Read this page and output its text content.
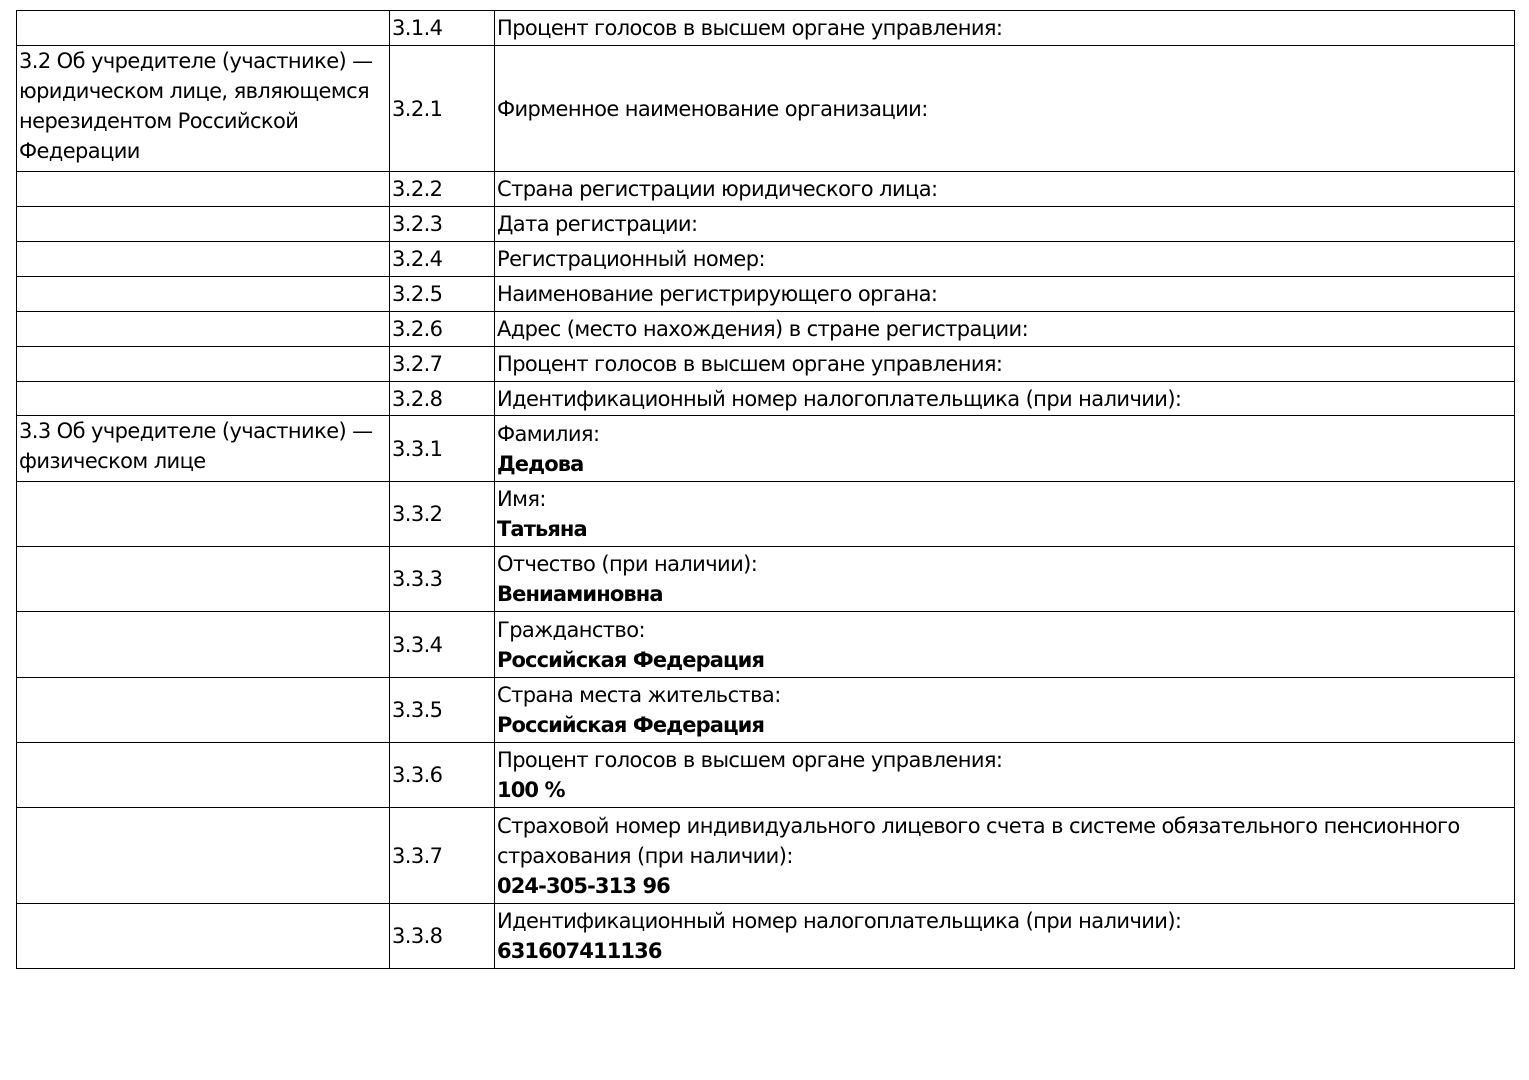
	3.1.4	Процент голосов в высшем органе управления:

3.2 Об учредителе (участнике) — юридическом лице, являющемся нерезидентом Российской Федерации	3.2.1	Фирменное наименование организации:

	3.2.2	Страна регистрации юридического лица:

	3.2.3	Дата регистрации:

	3.2.4	Регистрационный номер:

	3.2.5	Наименование регистрирующего органа:

	3.2.6	Адрес (место нахождения) в стране регистрации:

	3.2.7	Процент голосов в высшем органе управления:

	3.2.8	Идентификационный номер налогоплательщика (при наличии):

3.3 Об учредителе (участнике) — физическом лице	3.3.1	Фамилия:
Дедова

	3.3.2	Имя:
Татьяна

	3.3.3	Отчество (при наличии):
Вениаминовна

	3.3.4	Гражданство:
Российская Федерация

	3.3.5	Страна места жительства:
Российская Федерация

	3.3.6	Процент голосов в высшем органе управления:
100 %

	3.3.7	Страховой номер индивидуального лицевого счета в системе обязательного пенсионного страхования (при наличии):
024-305-313 96

	3.3.8	Идентификационный номер налогоплательщика (при наличии):
631607411136
